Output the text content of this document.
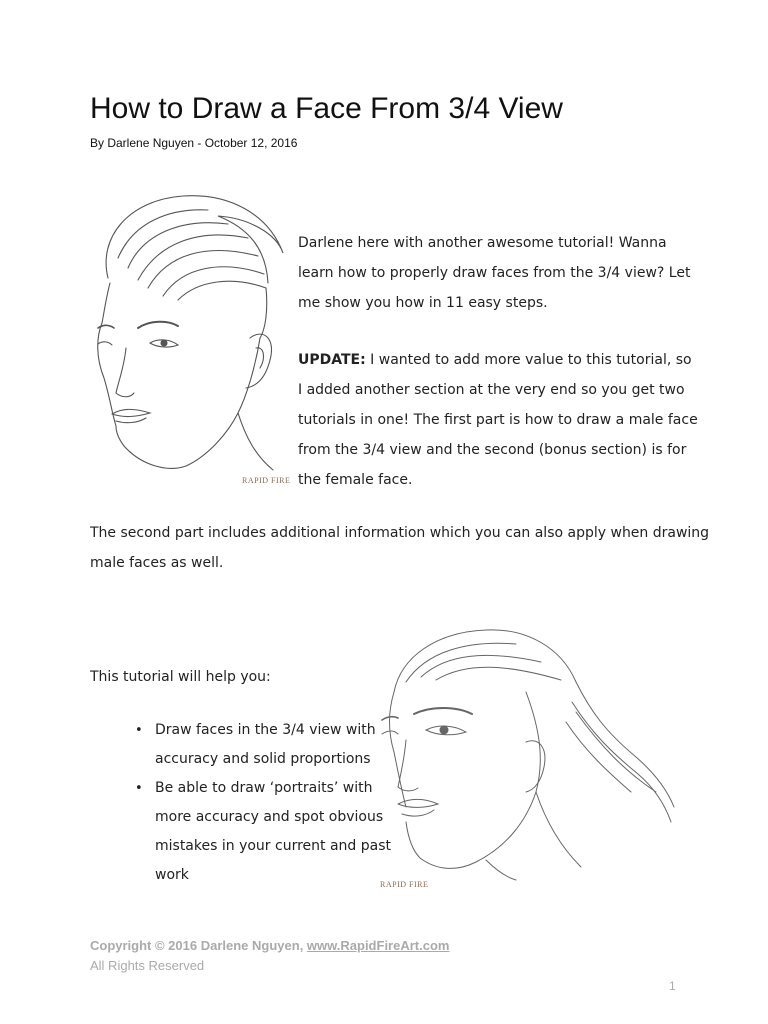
How to Draw a Face From 3/4 View
By Darlene Nguyen - October 12, 2016
RAPID FIRE

Darlene here with another awesome tutorial! Wanna learn how to properly draw faces from the 3/4 view? Let me show you how in 11 easy steps.

UPDATE: I wanted to add more value to this tutorial, so I added another section at the very end so you get two tutorials in one! The first part is how to draw a male face from the 3/4 view and the second (bonus section) is for the female face.

The second part includes additional information which you can also apply when drawing male faces as well.

This tutorial will help you:

• Draw faces in the 3/4 view with accuracy and solid proportions
• Be able to draw ‘portraits’ with more accuracy and spot obvious mistakes in your current and past work
RAPID FIRE
Copyright © 2016 Darlene Nguyen, www.RapidFireArt.com
All Rights Reserved
1
